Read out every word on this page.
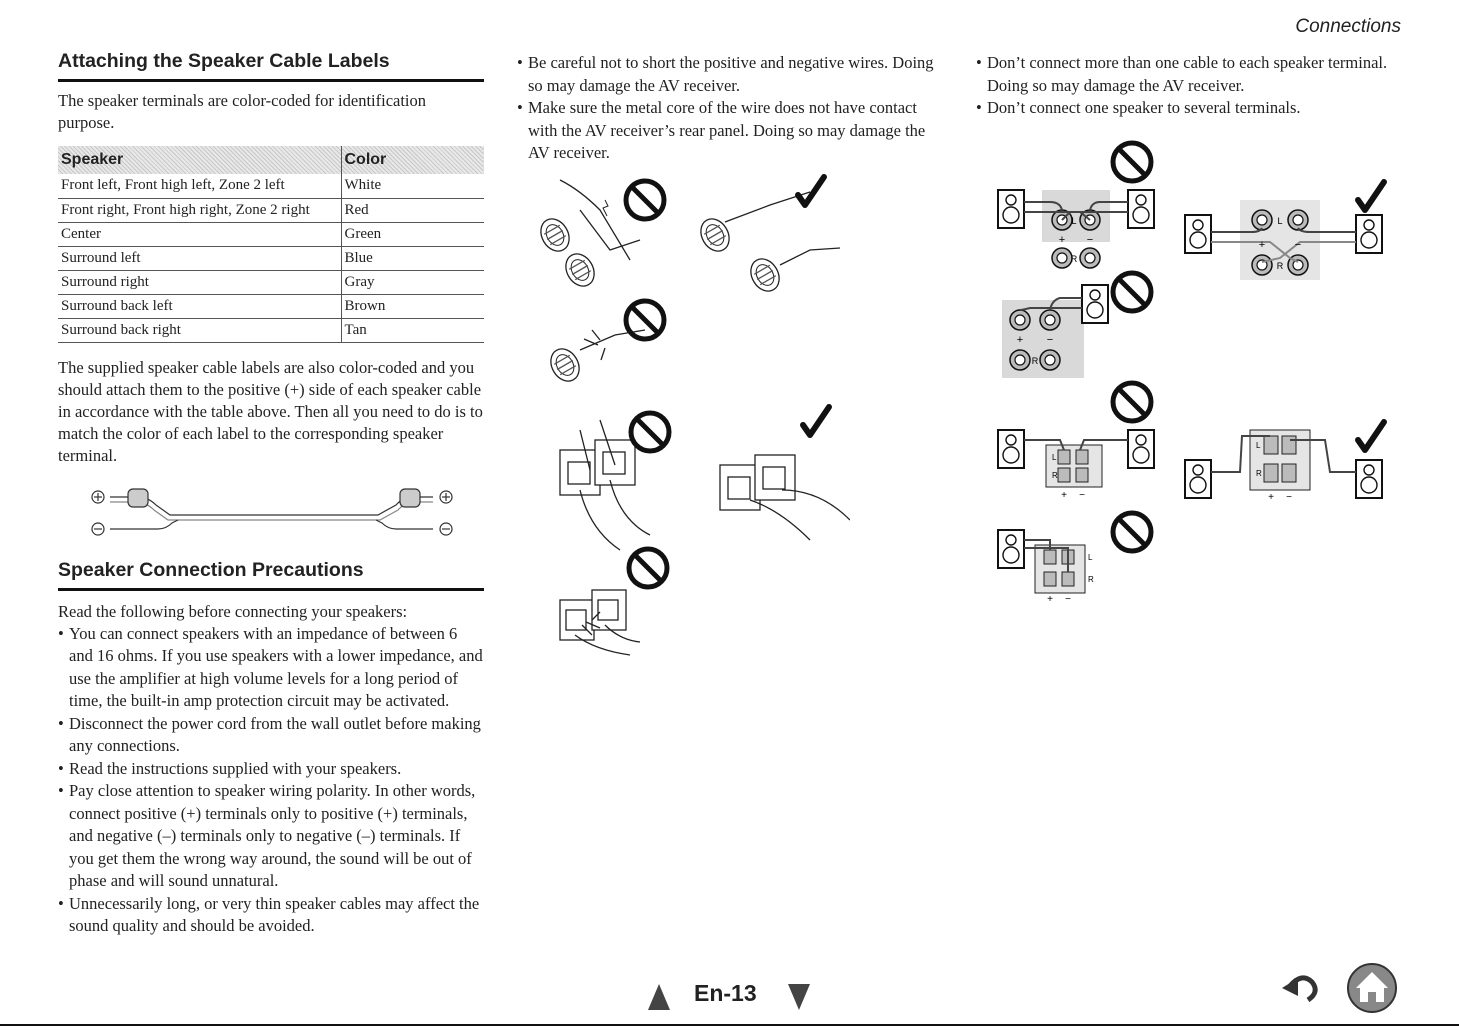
Connections
Attaching the Speaker Cable Labels

The speaker terminals are color-coded for identification purpose.

Speaker	Color
Front left, Front high left, Zone 2 left	White
Front right, Front high right, Zone 2 right	Red
Center	Green
Surround left	Blue
Surround right	Gray
Surround back left	Brown
Surround back right	Tan

The supplied speaker cable labels are also color-coded and you should attach them to the positive (+) side of each speaker cable in accordance with the table above. Then all you need to do is to match the color of each label to the corresponding speaker terminal.

Speaker Connection Precautions

Read the following before connecting your speakers:

• You can connect speakers with an impedance of between 6 and 16 ohms. If you use speakers with a lower impedance, and use the amplifier at high volume levels for a long period of time, the built-in amp protection circuit may be activated.
• Disconnect the power cord from the wall outlet before making any connections.
• Read the instructions supplied with your speakers.
• Pay close attention to speaker wiring polarity. In other words, connect positive (+) terminals only to positive (+) terminals, and negative (–) terminals only to negative (–) terminals. If you get them the wrong way around, the sound will be out of phase and will sound unnatural.
• Unnecessarily long, or very thin speaker cables may affect the sound quality and should be avoided.
• Be careful not to short the positive and negative wires. Doing so may damage the AV receiver.
• Make sure the metal core of the wire does not have contact with the AV receiver’s rear panel. Doing so may damage the AV receiver.
• Don’t connect more than one cable to each speaker terminal. Doing so may damage the AV receiver.
• Don’t connect one speaker to several terminals.
L
R
+ −
L
R
+	−
R
+ −
L
R
+ −
L
R
+ −
L
R
+ −
En-13
